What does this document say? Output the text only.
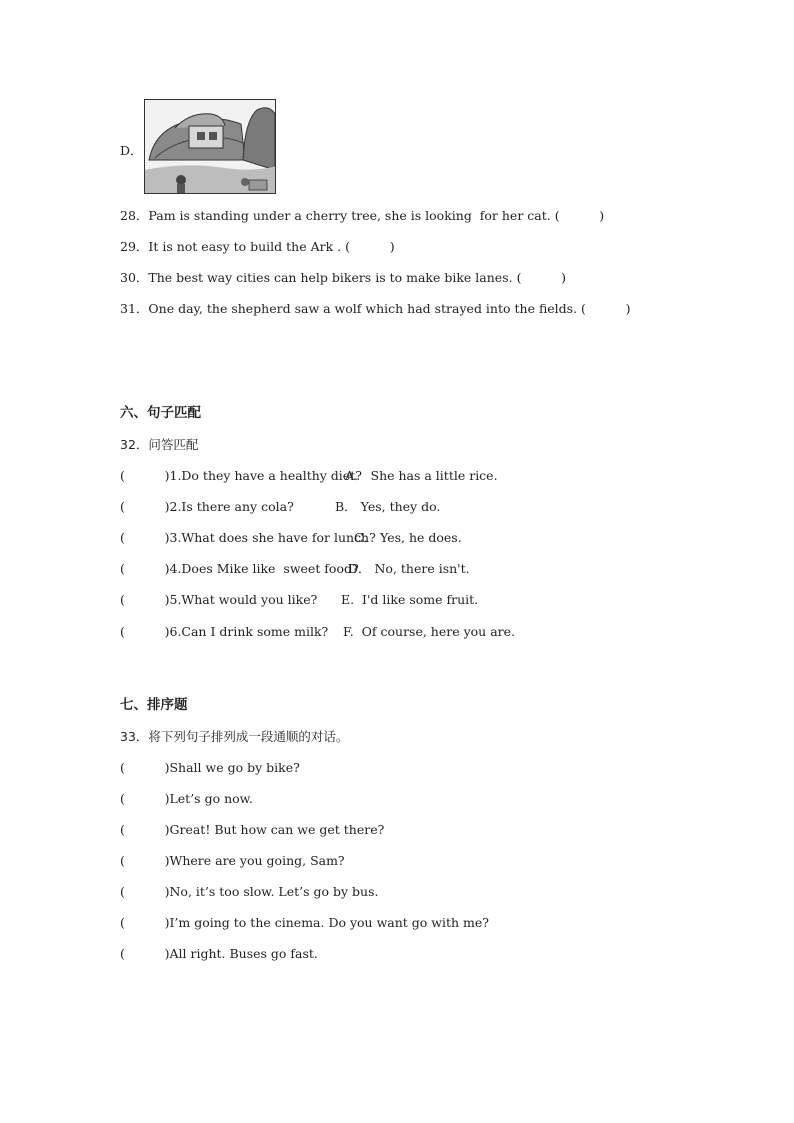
D．
28．Pam is standing under a cherry tree, she is looking  for her cat. (          )
29．It is not easy to build the Ark . (          )
30．The best way cities can help bikers is to make bike lanes. (          )
31．One day, the shepherd saw a wolf which had strayed into the fields. (          )
六、句子匹配
32．问答匹配
(          )1.Do they have a healthy diet?
A． She has a little rice.
(          )2.Is there any cola?	B． Yes, they do.
(          )3.What does she have for lunch?
C． Yes, he does.
(          )4.Does Mike like  sweet food?
D． No, there isn't.
(          )5.What would you like? E.  I'd like some fruit.
(          )6.Can I drink some milk? F.  Of course, here you are.
七、排序题
33．将下列句子排列成一段通顺的对话。
(          )Shall we go by bike?
(          )Let’s go now.
(          )Great! But how can we get there?
(          )Where are you going, Sam?
(          )No, it’s too slow. Let’s go by bus.
(          )I’m going to the cinema. Do you want go with me?
(          )All right. Buses go fast.
